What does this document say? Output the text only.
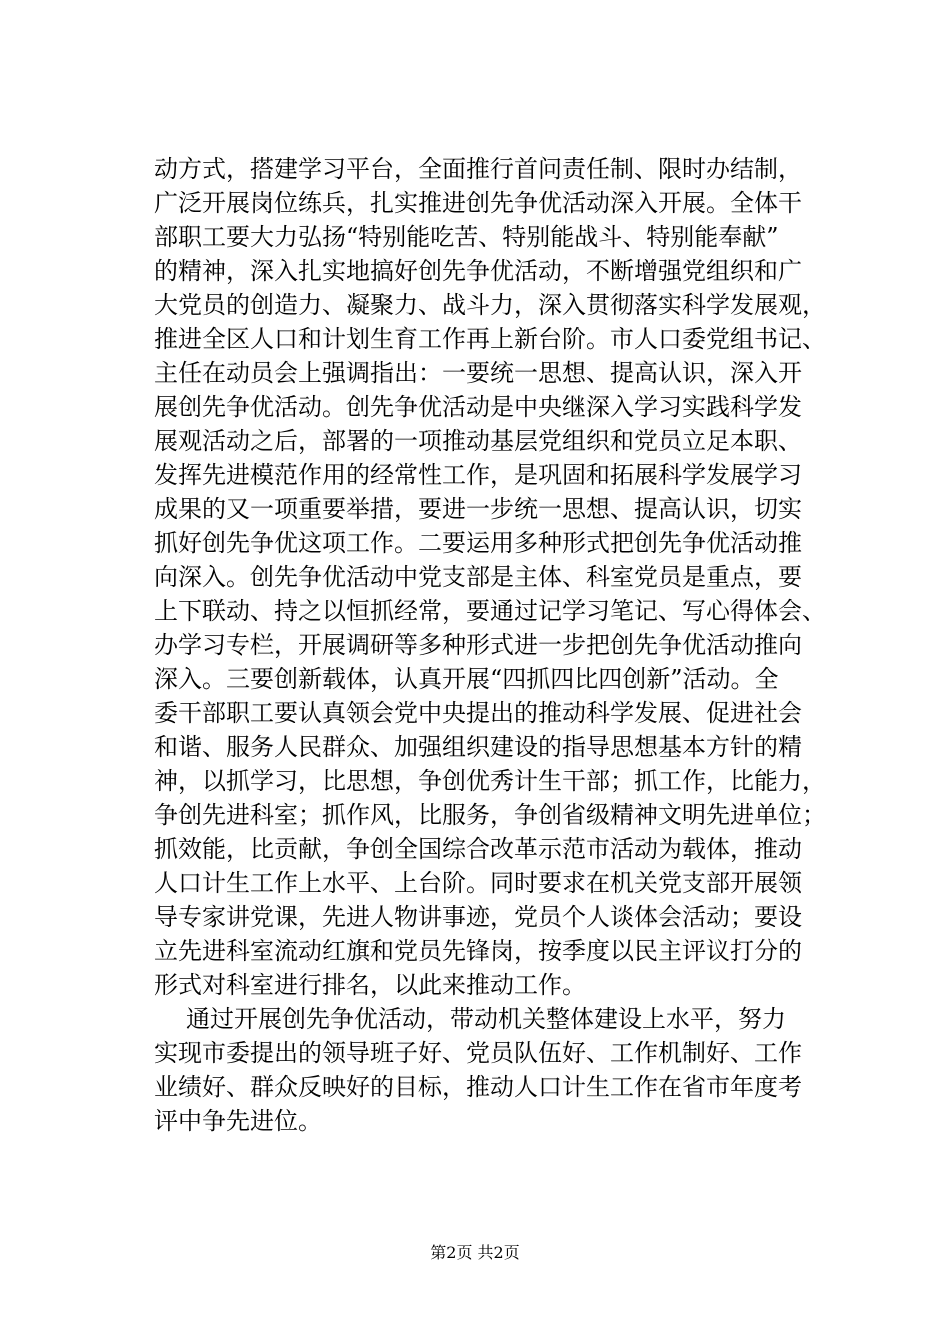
动方式，搭建学习平台，全面推行首问责任制、限时办结制，
广泛开展岗位练兵，扎实推进创先争优活动深入开展。全体干
部职工要大力弘扬“特别能吃苦、特别能战斗、特别能奉献”
的精神，深入扎实地搞好创先争优活动，不断增强党组织和广
大党员的创造力、凝聚力、战斗力，深入贯彻落实科学发展观，
推进全区人口和计划生育工作再上新台阶。市人口委党组书记、
主任在动员会上强调指出：一要统一思想、提高认识，深入开
展创先争优活动。创先争优活动是中央继深入学习实践科学发
展观活动之后，部署的一项推动基层党组织和党员立足本职、
发挥先进模范作用的经常性工作，是巩固和拓展科学发展学习
成果的又一项重要举措，要进一步统一思想、提高认识，切实
抓好创先争优这项工作。二要运用多种形式把创先争优活动推
向深入。创先争优活动中党支部是主体、科室党员是重点，要
上下联动、持之以恒抓经常，要通过记学习笔记、写心得体会、
办学习专栏，开展调研等多种形式进一步把创先争优活动推向
深入。三要创新载体，认真开展“四抓四比四创新”活动。全
委干部职工要认真领会党中央提出的推动科学发展、促进社会
和谐、服务人民群众、加强组织建设的指导思想基本方针的精
神，以抓学习，比思想，争创优秀计生干部；抓工作，比能力，
争创先进科室；抓作风，比服务，争创省级精神文明先进单位；
抓效能，比贡献，争创全国综合改革示范市活动为载体，推动
人口计生工作上水平、上台阶。同时要求在机关党支部开展领
导专家讲党课，先进人物讲事迹，党员个人谈体会活动；要设
立先进科室流动红旗和党员先锋岗，按季度以民主评议打分的
形式对科室进行排名，以此来推动工作。
通过开展创先争优活动，带动机关整体建设上水平，努力
实现市委提出的领导班子好、党员队伍好、工作机制好、工作
业绩好、群众反映好的目标，推动人口计生工作在省市年度考
评中争先进位。
第2页 共2页
